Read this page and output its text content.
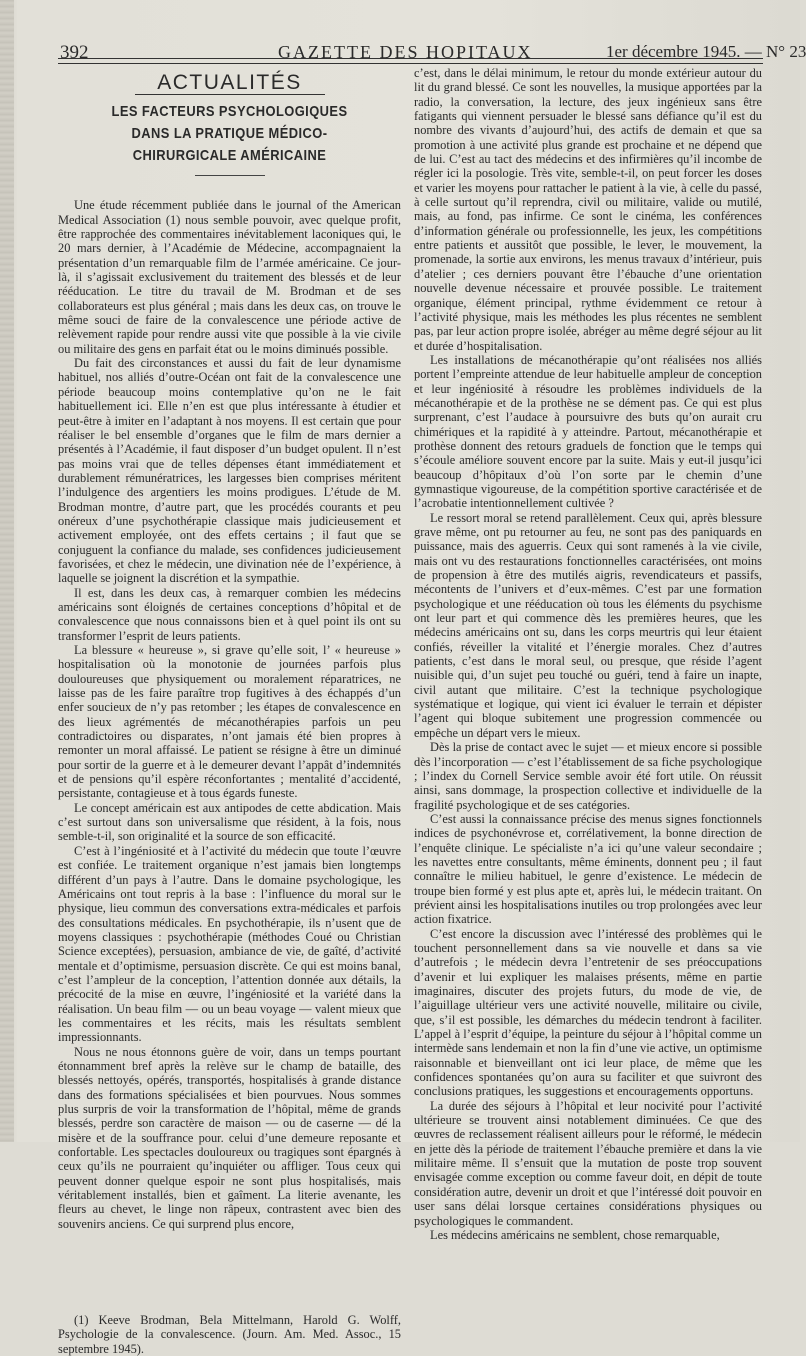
392	GAZETTE DES HOPITAUX	1er décembre 1945. — N° 23
ACTUALITÉS
LES FACTEURS PSYCHOLOGIQUES
DANS LA PRATIQUE MÉDICO-CHIRURGICALE AMÉRICAINE

Une étude récemment publiée dans le journal of the American Medical Association (1) nous semble pouvoir, avec quelque profit, être rapprochée des commentaires inévitablement laconiques qui, le 20 mars dernier, à l’Académie de Médecine, accompagnaient la présentation d’un remarquable film de l’armée américaine. Ce jour-là, il s’agissait exclusivement du traitement des blessés et de leur rééducation. Le titre du travail de M. Brodman et de ses collaborateurs est plus général ; mais dans les deux cas, on trouve le même souci de faire de la convalescence une période active de relèvement rapide pour rendre aussi vite que possible à la vie civile ou militaire des gens en parfait état ou le moins diminués possible.

Du fait des circonstances et aussi du fait de leur dynamisme habituel, nos alliés d’outre-Océan ont fait de la convalescence une période beaucoup moins contemplative qu’on ne le fait habituellement ici. Elle n’en est que plus intéressante à étudier et peut-être à imiter en l’adaptant à nos moyens. Il est certain que pour réaliser le bel ensemble d’organes que le film de mars dernier a présentés à l’Académie, il faut disposer d’un budget opulent. Il n’est pas moins vrai que de telles dépenses étant immédiatement et durablement rémunératrices, les largesses bien comprises méritent l’indulgence des argentiers les moins prodigues. L’étude de M. Brodman montre, d’autre part, que les procédés courants et peu onéreux d’une psychothérapie classique mais judicieusement et activement employée, ont des effets certains ; il faut que se conjuguent la confiance du malade, ses confidences judicieusement favorisées, et chez le médecin, une divination née de l’expérience, à laquelle se joignent la discrétion et la sympathie.

Il est, dans les deux cas, à remarquer combien les médecins américains sont éloignés de certaines conceptions d’hôpital et de convalescence que nous connaissons bien et à quel point ils ont su transformer l’esprit de leurs patients.

La blessure « heureuse », si grave qu’elle soit, l’ « heureuse » hospitalisation où la monotonie de journées parfois plus douloureuses que physiquement ou moralement réparatrices, ne laisse pas de les faire paraître trop fugitives à des échappés d’un enfer soucieux de n’y pas retomber ; les étapes de convalescence en des lieux agrémentés de mécanothérapies parfois un peu contradictoires ou disparates, n’ont jamais été bien propres à remonter un moral affaissé. Le patient se résigne à être un diminué pour sortir de la guerre et à le demeurer devant l’appât d’indemnités et de pensions qu’il espère réconfortantes ; mentalité d’accidenté, persistante, contagieuse et à tous égards funeste.

Le concept américain est aux antipodes de cette abdication. Mais c’est surtout dans son universalisme que résident, à la fois, nous semble-t-il, son originalité et la source de son efficacité.

C’est à l’ingéniosité et à l’activité du médecin que toute l’œuvre est confiée. Le traitement organique n’est jamais bien longtemps différent d’un pays à l’autre. Dans le domaine psychologique, les Américains ont tout repris à la base : l’influence du moral sur le physique, lieu commun des conversations extra-médicales et parfois des consultations médicales. En psychothérapie, ils n’usent que de moyens classiques : psychothérapie (méthodes Coué ou Christian Science exceptées), persuasion, ambiance de vie, de gaîté, d’activité mentale et d’optimisme, persuasion discrète. Ce qui est moins banal, c’est l’ampleur de la conception, l’attention donnée aux détails, la précocité de la mise en œuvre, l’ingéniosité et la variété dans la réalisation. Un beau film — ou un beau voyage — valent mieux que les commentaires et les récits, mais les résultats semblent impressionnants.

Nous ne nous étonnons guère de voir, dans un temps pourtant étonnamment bref après la relève sur le champ de bataille, des blessés nettoyés, opérés, transportés, hospitalisés à grande distance dans des formations spécialisées et bien pourvues. Nous sommes plus surpris de voir la transformation de l’hôpital, même de grands blessés, perdre son caractère de maison — ou de caserne — dé la misère et de la souffrance pour. celui d’une demeure reposante et confortable. Les spectacles douloureux ou tragiques sont épargnés à ceux qu’ils ne pourraient qu’inquiéter ou affliger. Tous ceux qui peuvent donner quelque espoir ne sont plus hospitalisés, mais véritablement installés, bien et gaîment. La literie avenante, les fleurs au chevet, le linge non râpeux, contrastent avec bien des souvenirs anciens. Ce qui surprend plus encore,

(1) Keeve Brodman, Bela Mittelmann, Harold G. Wolff, Psychologie de la convalescence. (Journ. Am. Med. Assoc., 15 septembre 1945).

c’est, dans le délai minimum, le retour du monde extérieur autour du lit du grand blessé. Ce sont les nouvelles, la musique apportées par la radio, la conversation, la lecture, des jeux ingénieux sans être fatigants qui viennent persuader le blessé sans défiance qu’il est du nombre des vivants d’aujourd’hui, des actifs de demain et que sa promotion à une activité plus grande est prochaine et ne dépend que de lui. C’est au tact des médecins et des infirmières qu’il incombe de régler ici la posologie. Très vite, semble-t-il, on peut forcer les doses et varier les moyens pour rattacher le patient à la vie, à celle du passé, à celle surtout qu’il reprendra, civil ou militaire, valide ou mutilé, mais, au fond, pas infirme. Ce sont le cinéma, les conférences d’information générale ou professionnelle, les jeux, les compétitions entre patients et aussitôt que possible, le lever, le mouvement, la promenade, la sortie aux environs, les menus travaux d’intérieur, puis d’atelier ; ces derniers pouvant être l’ébauche d’une orientation nouvelle devenue nécessaire et prouvée possible. Le traitement organique, élément principal, rythme évidemment ce retour à l’activité physique, mais les méthodes les plus récentes ne semblent pas, par leur action propre isolée, abréger au même degré séjour au lit et durée d’hospitalisation.

Les installations de mécanothérapie qu’ont réalisées nos alliés portent l’empreinte attendue de leur habituelle ampleur de conception et leur ingéniosité à résoudre les problèmes individuels de la mécanothérapie et de la prothèse ne se dément pas. Ce qui est plus surprenant, c’est l’audace à poursuivre des buts qu’on aurait cru chimériques et la rapidité à y atteindre. Partout, mécanothérapie et prothèse donnent des retours graduels de fonction que le temps qui s’écoule améliore souvent encore par la suite. Mais y eut-il jusqu’ici beaucoup d’hôpitaux d’où l’on sorte par le chemin d’une gymnastique vigoureuse, de la compétition sportive caractérisée et de l’acrobatie intentionnellement cultivée ?

Le ressort moral se retend parallèlement. Ceux qui, après blessure grave même, ont pu retourner au feu, ne sont pas des paniquards en puissance, mais des aguerris. Ceux qui sont ramenés à la vie civile, mais ont vu des restaurations fonctionnelles caractérisées, ont moins de propension à être des mutilés aigris, revendicateurs et passifs, mécontents de l’univers et d’eux-mêmes. C’est par une formation psychologique et une rééducation où tous les éléments du psychisme ont leur part et qui commence dès les premières heures, que les médecins américains ont su, dans les corps meurtris qui leur étaient confiés, réveiller la vitalité et l’énergie morales. Chez d’autres patients, c’est dans le moral seul, ou presque, que réside l’agent nuisible qui, d’un sujet peu touché ou guéri, tend à faire un inapte, civil autant que militaire. C’est la technique psychologique systématique et logique, qui vient ici évaluer le terrain et dépister l’agent qui bloque subitement une progression commencée ou empêche un départ vers le mieux.

Dès la prise de contact avec le sujet — et mieux encore si possible dès l’incorporation — c’est l’établissement de sa fiche psychologique ; l’index du Cornell Service semble avoir été fort utile. On réussit ainsi, sans dommage, la prospection collective et individuelle de la fragilité psychologique et de ses catégories.

C’est aussi la connaissance précise des menus signes fonctionnels indices de psychonévrose et, corrélativement, la bonne direction de l’enquête clinique. Le spécialiste n’a ici qu’une valeur secondaire ; les navettes entre consultants, même éminents, donnent peu ; il faut connaître le milieu habituel, le genre d’existence. Le médecin de troupe bien formé y est plus apte et, après lui, le médecin traitant. On prévient ainsi les hospitalisations inutiles ou trop prolongées avec leur action fixatrice.

C’est encore la discussion avec l’intéressé des problèmes qui le touchent personnellement dans sa vie nouvelle et dans sa vie d’autrefois ; le médecin devra l’entretenir de ses préoccupations d’avenir et lui expliquer les malaises présents, même en partie imaginaires, discuter des projets futurs, du mode de vie, de l’aiguillage ultérieur vers une activité nouvelle, militaire ou civile, que, s’il est possible, les démarches du médecin tendront à faciliter. L’appel à l’esprit d’équipe, la peinture du séjour à l’hôpital comme un intermède sans lendemain et non la fin d’une vie active, un optimisme raisonnable et bienveillant ont ici leur place, de même que les confidences spontanées qu’on aura su faciliter et que suivront des conclusions pratiques, les suggestions et encouragements opportuns.

La durée des séjours à l’hôpital et leur nocivité pour l’activité ultérieure se trouvent ainsi notablement diminuées. Ce que des œuvres de reclassement réalisent ailleurs pour le réformé, le médecin en jette dès la période de traitement l’ébauche première et dans la vie militaire même. Il s’ensuit que la mutation de poste trop souvent envisagée comme exception ou comme faveur doit, en dépit de toute considération autre, devenir un droit et que l’intéressé doit pouvoir en user sans délai lorsque certaines considérations physiques ou psychologiques le commandent.

Les médecins américains ne semblent, chose remarquable,
